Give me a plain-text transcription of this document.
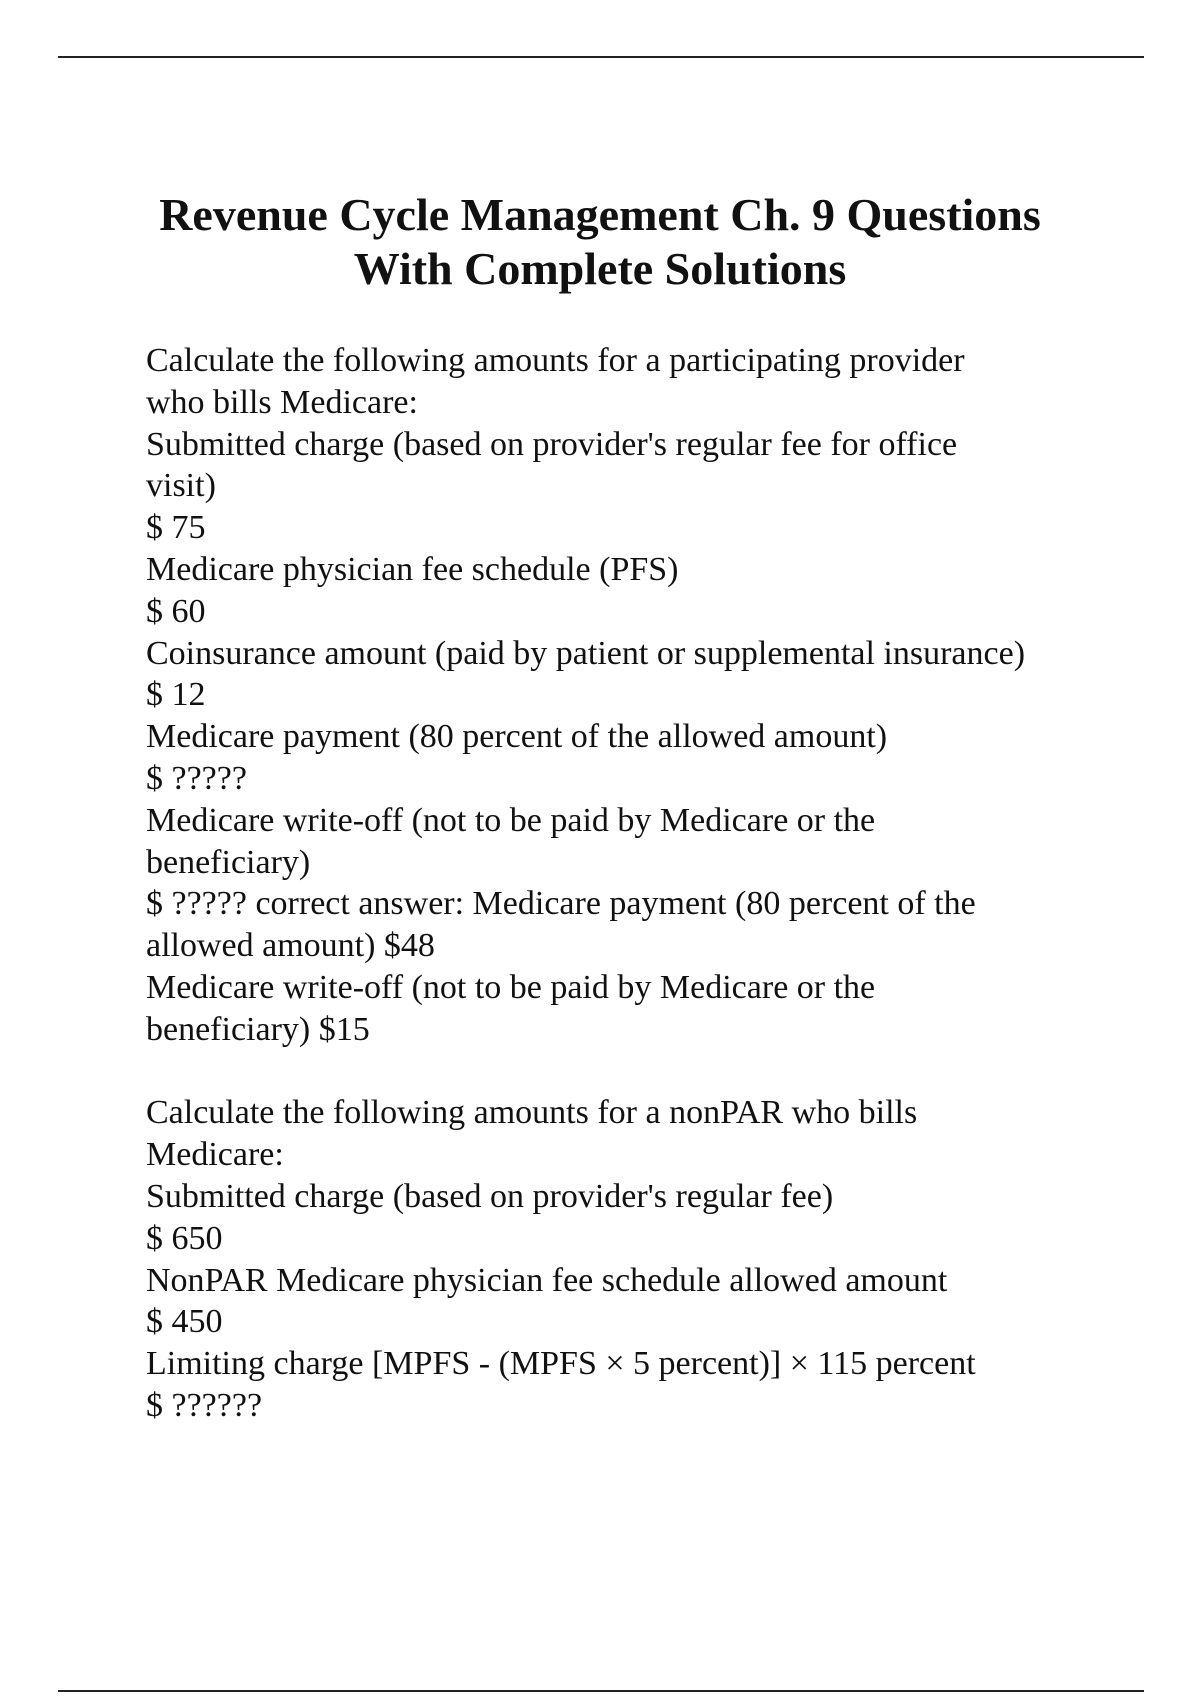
Revenue Cycle Management Ch. 9 Questions
With Complete Solutions
Calculate the following amounts for a participating provider
who bills Medicare:
Submitted charge (based on provider's regular fee for office
visit)
$ 75
Medicare physician fee schedule (PFS)
$ 60
Coinsurance amount (paid by patient or supplemental insurance)
$ 12
Medicare payment (80 percent of the allowed amount)
$ ?????
Medicare write-off (not to be paid by Medicare or the
beneficiary)
$ ????? correct answer: Medicare payment (80 percent of the
allowed amount) $48
Medicare write-off (not to be paid by Medicare or the
beneficiary) $15
Calculate the following amounts for a nonPAR who bills
Medicare:
Submitted charge (based on provider's regular fee)
$ 650
NonPAR Medicare physician fee schedule allowed amount
$ 450
Limiting charge [MPFS - (MPFS × 5 percent)] × 115 percent
$ ??????
